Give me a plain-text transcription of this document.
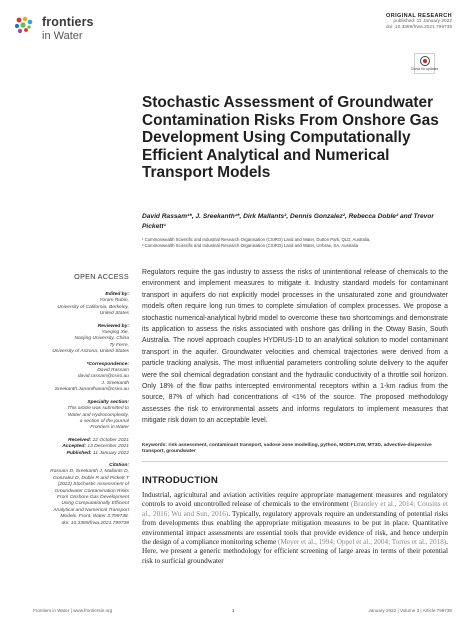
frontiers
in Water
ORIGINAL RESEARCH
published: 11 January 2022
doi: 10.3389/frwa.2021.799738
Check for updates
Stochastic Assessment of Groundwater Contamination Risks From Onshore Gas Development Using Computationally Efficient Analytical and Numerical Transport Models
David Rassam¹*, J. Sreekanth¹*, Dirk Mallants², Dennis Gonzalez², Rebecca Doble² and Trevor Pickett¹
¹ Commonwealth Scientific and Industrial Research Organisation (CSIRO) Land and Water, Dutton Park, QLD, Australia,
² Commonwealth Scientific and Industrial Research Organisation (CSIRO) Land and Water, Urrbrae, SA, Australia
OPEN ACCESS
Edited by:
Yoram Rubin,
University of California, Berkeley,
United States
Reviewed by:
Yueqing Xie,
Nanjing University, China
Ty Ferre,
University of Arizona, United States
*Correspondence:
David Rassam
david.rassam@csiro.au
J. Sreekanth
Sreekanth.Janardhanan@csiro.au
Specialty section:
This article was submitted to
Water and Hydrocomplexity,
a section of the journal
Frontiers in Water
Received: 22 October 2021
Accepted: 13 December 2021
Published: 11 January 2022
Citation:
Rassam D, Sreekanth J, Mallants D,
Gonzalez D, Doble R and Pickett T
(2022) Stochastic Assessment of
Groundwater Contamination Risks
From Onshore Gas Development
Using Computationally Efficient
Analytical and Numerical Transport
Models. Front. Water 3:799738.
doi: 10.3389/frwa.2021.799738

Regulators require the gas industry to assess the risks of unintentional release of chemicals to the environment and implement measures to mitigate it. Industry standard models for contaminant transport in aquifers do not explicitly model processes in the unsaturated zone and groundwater models often require long run times to complete simulation of complex processes. We propose a stochastic numerical-analytical hybrid model to overcome these two shortcomings and demonstrate its application to assess the risks associated with onshore gas drilling in the Otway Basin, South Australia. The novel approach couples HYDRUS-1D to an analytical solution to model contaminant transport in the aquifer. Groundwater velocities and chemical trajectories were derived from a particle tracking analysis. The most influential parameters controlling solute delivery to the aquifer were the soil chemical degradation constant and the hydraulic conductivity of a throttle soil horizon. Only 18% of the flow paths intercepted environmental receptors within a 1-km radius from the source, 87% of which had concentrations of <1% of the source. The proposed methodology assesses the risk to environmental assets and informs regulators to implement measures that mitigate risk down to an acceptable level.

Keywords: risk assessment, contaminant transport, vadose zone modelling, python, MODFLOW, MT3D, advective-dispersive transport, groundwater

INTRODUCTION

Industrial, agricultural and aviation activities require appropriate management measures and regulatory controls to avoid uncontrolled release of chemicals to the environment (Brantley et al., 2014; Cousins et al., 2016; Wu and Sun, 2016). Typically, regulatory approvals require an understanding of potential risks from developments thus enabling the appropriate mitigation measures to be put in place. Quantitative environmental impact assessments are essential tools that provide evidence of risk, and hence underpin the design of a compliance monitoring scheme (Meyer et al., 1994; Oppel et al., 2004; Torres et al., 2018). Here, we present a generic methodology for efficient screening of large areas in terms of their potential risk to surficial groundwater

Frontiers in Water | www.frontiersin.org	1	January 2022 | Volume 3 | Article 799738
